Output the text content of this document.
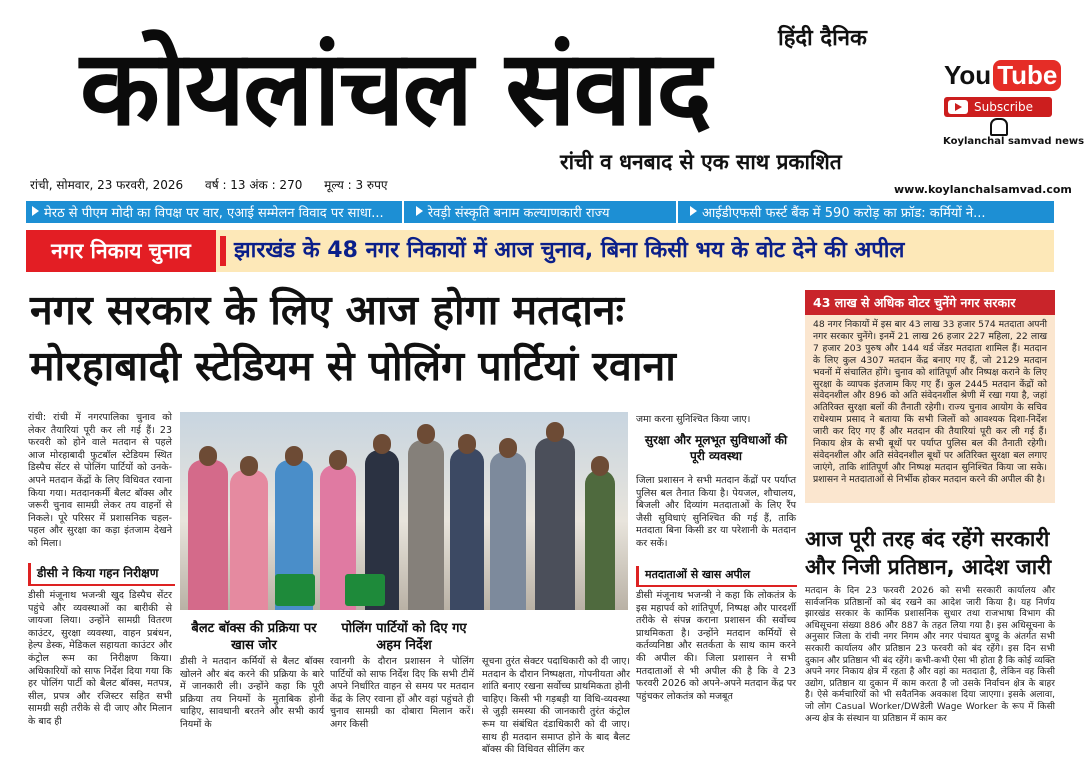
हिंदी दैनिक
कोयलांचल संवाद
रांची व धनबाद से एक साथ प्रकाशित
You Tube
Subscribe
Koylanchal samvad news
रांची, सोमवार, 23 फरवरी, 2026 वर्ष : 13 अंक : 270 मूल्य : 3 रुपए	www.koylanchalsamvad.com
मेरठ से पीएम मोदी का विपक्ष पर वार, एआई सम्मेलन विवाद पर साधा...	रेवड़ी संस्कृति बनाम कल्याणकारी राज्य	आईडीएफसी फर्स्ट बैंक में 590 करोड़ का फ्रॉड: कर्मियों ने...
नगर निकाय चुनाव	झारखंड के 48 नगर निकायों में आज चुनाव, बिना किसी भय के वोट देने की अपील
नगर सरकार के लिए आज होगा मतदानः
मोरहाबादी स्टेडियम से पोलिंग पार्टियां रवाना
रांची: रांची में नगरपालिका चुनाव को लेकर तैयारियां पूरी कर ली गई हैं। 23 फरवरी को होने वाले मतदान से पहले आज मोरहाबादी फुटबॉल स्टेडियम स्थित डिस्पैच सेंटर से पोलिंग पार्टियों को उनके-अपने मतदान केंद्रों के लिए विधिवत रवाना किया गया। मतदानकर्मी बैलट बॉक्स और जरूरी चुनाव सामग्री लेकर तय वाहनों से निकले। पूरे परिसर में प्रशासनिक चहल-पहल और सुरक्षा का कड़ा इंतजाम देखने को मिला।
डीसी ने किया गहन निरीक्षण
डीसी मंजूनाथ भजन्त्री खुद डिस्पैच सेंटर पहुंचे और व्यवस्थाओं का बारीकी से जायजा लिया। उन्होंने सामग्री वितरण काउंटर, सुरक्षा व्यवस्था, वाहन प्रबंधन, हेल्प डेस्क, मेडिकल सहायता काउंटर और कंट्रोल रूम का निरीक्षण किया। अधिकारियों को साफ निर्देश दिया गया कि हर पोलिंग पार्टी को बैलट बॉक्स, मतपत्र, सील, प्रपत्र और रजिस्टर सहित सभी सामग्री सही तरीके से दी जाए और मिलान के बाद ही
बैलट बॉक्स की प्रक्रिया पर खास जोर
पोलिंग पार्टियों को दिए गए अहम निर्देश
डीसी ने मतदान कर्मियों से बैलट बॉक्स खोलने और बंद करने की प्रक्रिया के बारे में जानकारी ली। उन्होंने कहा कि पूरी प्रक्रिया तय नियमों के मुताबिक होनी चाहिए, सावधानी बरतने और सभी कार्य नियमों के
रवानगी के दौरान प्रशासन ने पोलिंग पार्टियों को साफ निर्देश दिए कि सभी टीमें अपने निर्धारित वाहन से समय पर मतदान केंद्र के लिए रवाना हों और वहां पहुंचते ही चुनाव सामग्री का दोबारा मिलान करें। अगर किसी
जमा करना सुनिश्चित किया जाए।
सुरक्षा और मूलभूत सुविधाओं की पूरी व्यवस्था
जिला प्रशासन ने सभी मतदान केंद्रों पर पर्याप्त पुलिस बल तैनात किया है। पेयजल, शौचालय, बिजली और दिव्यांग मतदाताओं के लिए रैंप जैसी सुविधाएं सुनिश्चित की गई हैं, ताकि मतदाता बिना किसी डर या परेशानी के मतदान कर सकें।
मतदाताओं से खास अपील
डीसी मंजूनाथ भजन्त्री ने कहा कि लोकतंत्र के इस महापर्व को शांतिपूर्ण, निष्पक्ष और पारदर्शी तरीके से संपन्न कराना प्रशासन की सर्वोच्च प्राथमिकता है। उन्होंने मतदान कर्मियों से कर्तव्यनिष्ठा और सतर्कता के साथ काम करने की अपील की। जिला प्रशासन ने सभी मतदाताओं से भी अपील की है कि वे 23 फरवरी 2026 को अपने-अपने मतदान केंद्र पर पहुंचकर लोकतंत्र को मजबूत
सूचना तुरंत सेक्टर पदाधिकारी को दी जाए। मतदान के दौरान निष्पक्षता, गोपनीयता और शांति बनाए रखना सर्वोच्च प्राथमिकता होनी चाहिए। किसी भी गड़बड़ी या विधि-व्यवस्था से जुड़ी समस्या की जानकारी तुरंत कंट्रोल रूम या संबंधित दंडाधिकारी को दी जाए। साथ ही मतदान समाप्त होने के बाद बैलट बॉक्स की विधिवत सीलिंग कर
43 लाख से अधिक वोटर चुनेंगे नगर सरकार
48 नगर निकायों में इस बार 43 लाख 33 हजार 574 मतदाता अपनी नगर सरकार चुनेंगे। इनमें 21 लाख 26 हजार 227 महिला, 22 लाख 7 हजार 203 पुरुष और 144 थर्ड जेंडर मतदाता शामिल हैं। मतदान के लिए कुल 4307 मतदान केंद्र बनाए गए हैं, जो 2129 मतदान भवनों में संचालित होंगे। चुनाव को शांतिपूर्ण और निष्पक्ष कराने के लिए सुरक्षा के व्यापक इंतजाम किए गए हैं। कुल 2445 मतदान केंद्रों को संवेदनशील और 896 को अति संवेदनशील श्रेणी में रखा गया है, जहां अतिरिक्त सुरक्षा बलों की तैनाती रहेगी। राज्य चुनाव आयोग के सचिव राधेश्याम प्रसाद ने बताया कि सभी जिलों को आवश्यक दिशा-निर्देश जारी कर दिए गए हैं और मतदान की तैयारियां पूरी कर ली गई हैं। निकाय क्षेत्र के सभी बूथों पर पर्याप्त पुलिस बल की तैनाती रहेगी। संवेदनशील और अति संवेदनशील बूथों पर अतिरिक्त सुरक्षा बल लगाए जाएंगे, ताकि शांतिपूर्ण और निष्पक्ष मतदान सुनिश्चित किया जा सके। प्रशासन ने मतदाताओं से निर्भीक होकर मतदान करने की अपील की है।
आज पूरी तरह बंद रहेंगे सरकारी और निजी प्रतिष्ठान, आदेश जारी
मतदान के दिन 23 फरवरी 2026 को सभी सरकारी कार्यालय और सार्वजनिक प्रतिष्ठानों को बंद रखने का आदेश जारी किया है। यह निर्णय झारखंड सरकार के कार्मिक प्रशासनिक सुधार तथा राजभाषा विभाग की अधिसूचना संख्या 886 और 887 के तहत लिया गया है। इस अधिसूचना के अनुसार जिला के रांची नगर निगम और नगर पंचायत बुण्डू के अंतर्गत सभी सरकारी कार्यालय और प्रतिष्ठान 23 फरवरी को बंद रहेंगे। इस दिन सभी दुकान और प्रतिष्ठान भी बंद रहेंगे। कभी-कभी ऐसा भी होता है कि कोई व्यक्ति अपने नगर निकाय क्षेत्र में रहता है और वहां का मतदाता है, लेकिन वह किसी उद्योग, प्रतिष्ठान या दुकान में काम करता है जो उसके निर्वाचन क्षेत्र के बाहर है। ऐसे कर्मचारियों को भी सवैतनिक अवकाश दिया जाएगा। इसके अलावा, जो लोग Casual Worker/DWडेली Wage Worker के रूप में किसी अन्य क्षेत्र के संस्थान या प्रतिष्ठान में काम कर
